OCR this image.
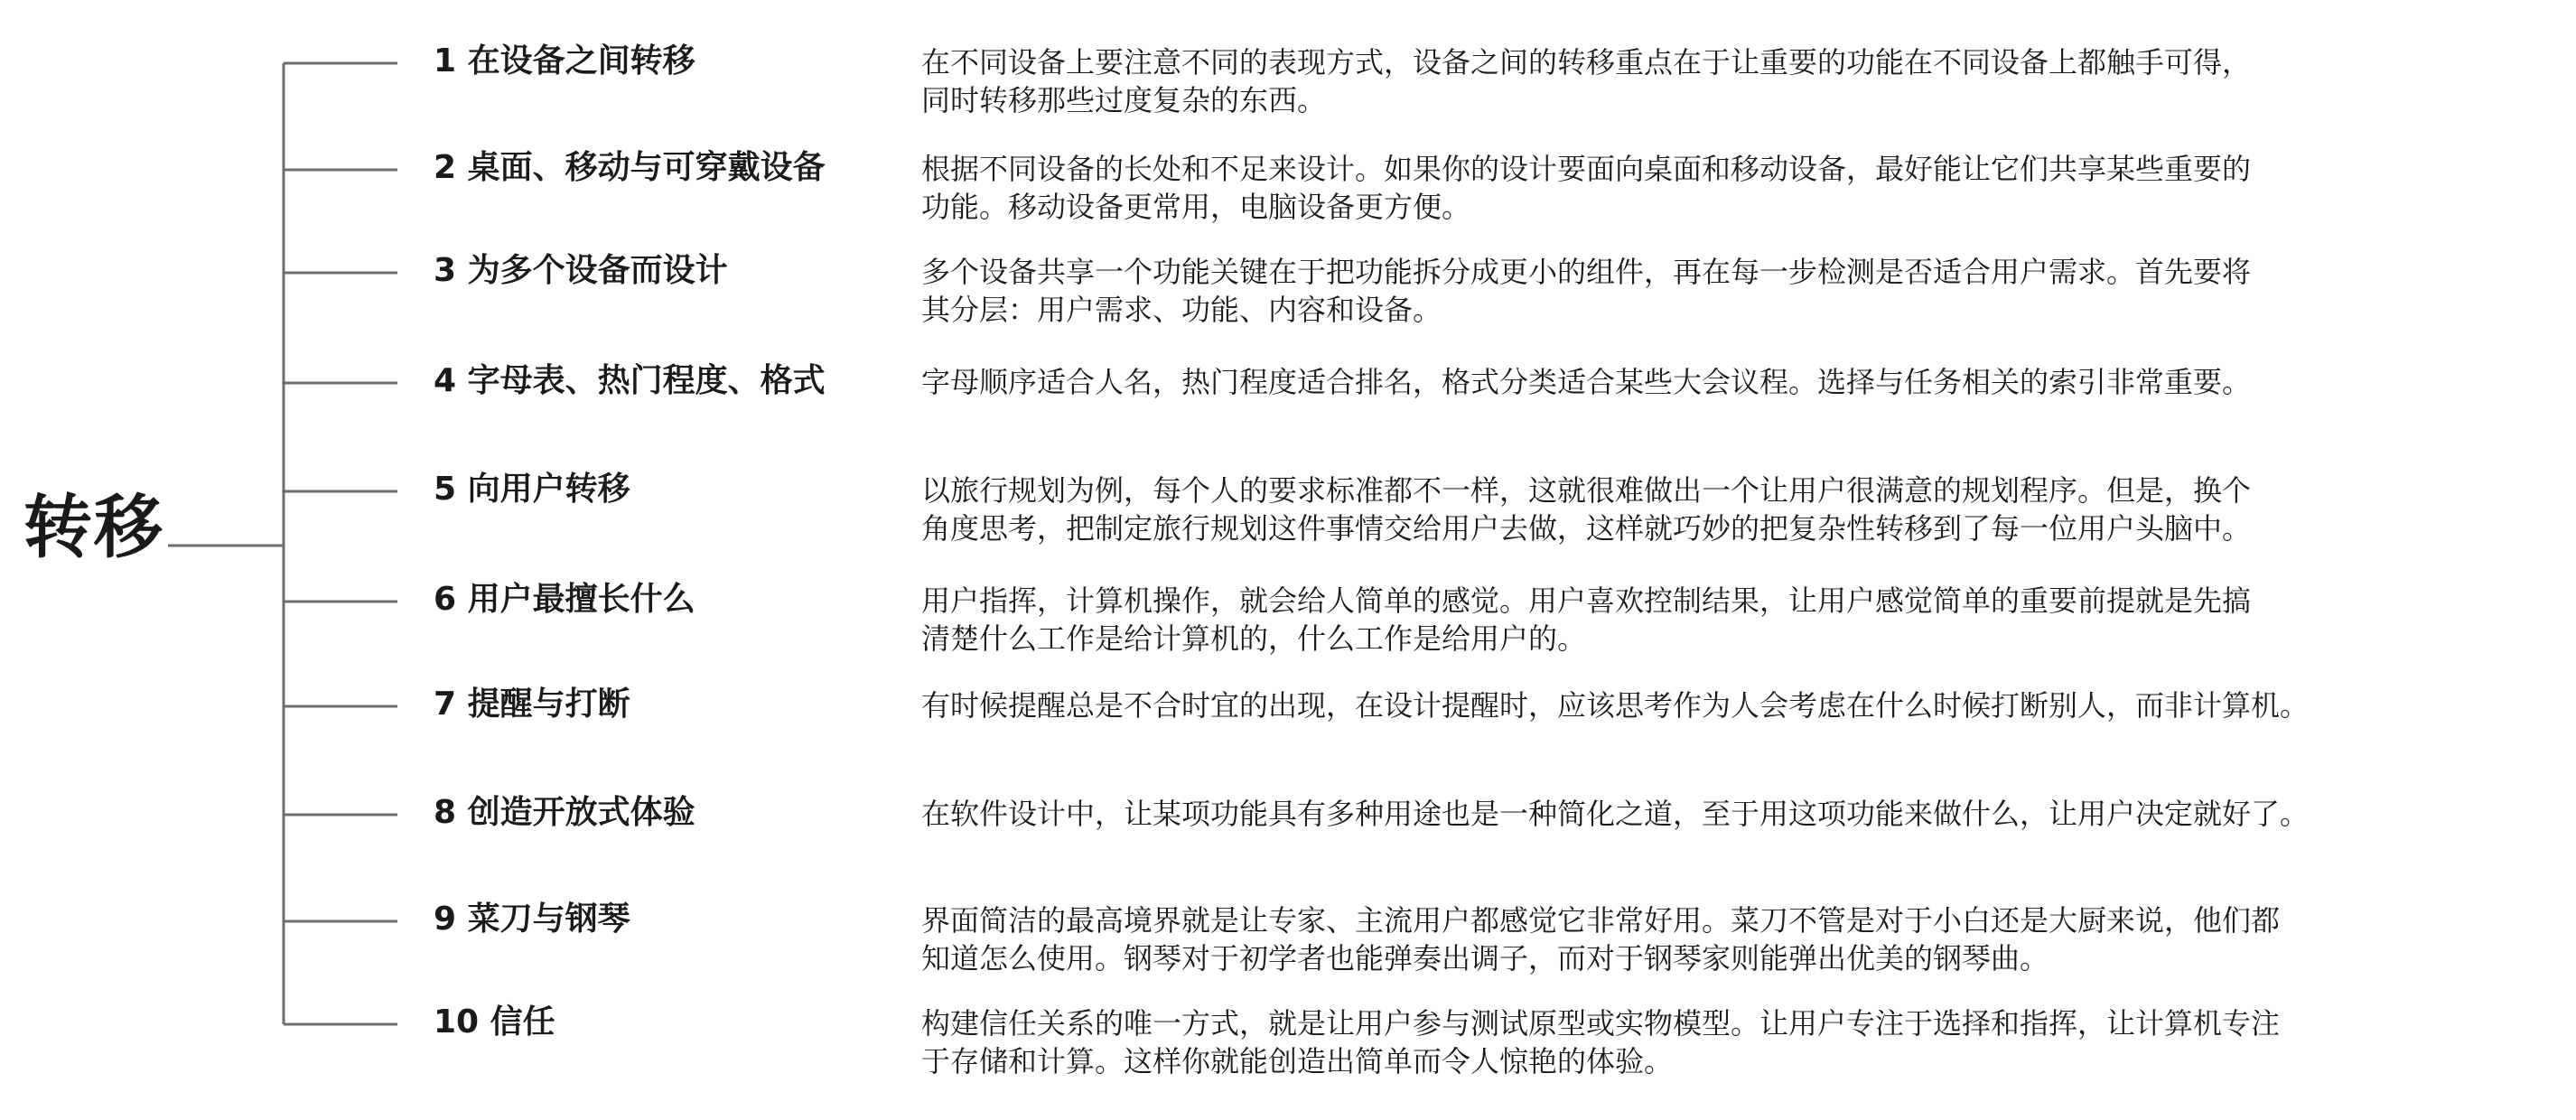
转移
1 在设备之间转移	在不同设备上要注意不同的表现方式，设备之间的转移重点在于让重要的功能在不同设备上都触手可得，
同时转移那些过度复杂的东西。
2 桌面、移动与可穿戴设备	根据不同设备的长处和不足来设计。如果你的设计要面向桌面和移动设备，最好能让它们共享某些重要的
功能。移动设备更常用，电脑设备更方便。
3 为多个设备而设计	多个设备共享一个功能关键在于把功能拆分成更小的组件，再在每一步检测是否适合用户需求。首先要将
其分层：用户需求、功能、内容和设备。
4 字母表、热门程度、格式	字母顺序适合人名，热门程度适合排名，格式分类适合某些大会议程。选择与任务相关的索引非常重要。
5 向用户转移	以旅行规划为例，每个人的要求标准都不一样，这就很难做出一个让用户很满意的规划程序。但是，换个
角度思考，把制定旅行规划这件事情交给用户去做，这样就巧妙的把复杂性转移到了每一位用户头脑中。
6 用户最擅长什么	用户指挥，计算机操作，就会给人简单的感觉。用户喜欢控制结果，让用户感觉简单的重要前提就是先搞
清楚什么工作是给计算机的，什么工作是给用户的。
7 提醒与打断	有时候提醒总是不合时宜的出现，在设计提醒时，应该思考作为人会考虑在什么时候打断别人，而非计算机。
8 创造开放式体验	在软件设计中，让某项功能具有多种用途也是一种简化之道，至于用这项功能来做什么，让用户决定就好了。
9 菜刀与钢琴	界面简洁的最高境界就是让专家、主流用户都感觉它非常好用。菜刀不管是对于小白还是大厨来说，他们都
知道怎么使用。钢琴对于初学者也能弹奏出调子，而对于钢琴家则能弹出优美的钢琴曲。
10 信任	构建信任关系的唯一方式，就是让用户参与测试原型或实物模型。让用户专注于选择和指挥，让计算机专注
于存储和计算。这样你就能创造出简单而令人惊艳的体验。
